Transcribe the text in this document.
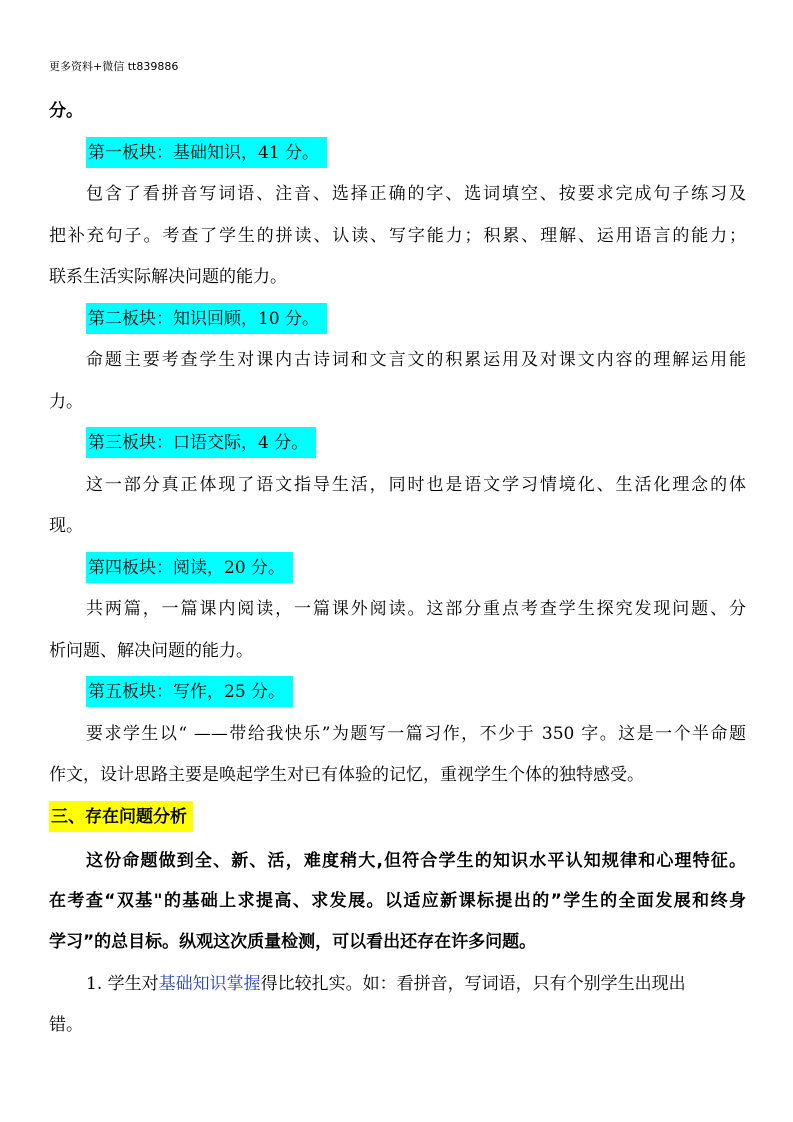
更多资料+微信 tt839886
分。
第一板块：基础知识，41 分。
包含了看拼音写词语、注音、选择正确的字、选词填空、按要求完成句子练习及
把补充句子。考查了学生的拼读、认读、写字能力；积累、理解、运用语言的能力；
联系生活实际解决问题的能力。
第二板块：知识回顾，10 分。
命题主要考查学生对课内古诗词和文言文的积累运用及对课文内容的理解运用能
力。
第三板块：口语交际，4 分。
这一部分真正体现了语文指导生活，同时也是语文学习情境化、生活化理念的体
现。
第四板块：阅读，20 分。
共两篇，一篇课内阅读，一篇课外阅读。这部分重点考查学生探究发现问题、分
析问题、解决问题的能力。
第五板块：写作，25 分。
要求学生以“ ——带给我快乐”为题写一篇习作，不少于 350 字。这是一个半命题
作文，设计思路主要是唤起学生对已有体验的记忆，重视学生个体的独特感受。
三、存在问题分析
这份命题做到全、新、活，难度稍大,但符合学生的知识水平认知规律和心理特征。
在考查“双基"的基础上求提高、求发展。以适应新课标提出的”学生的全面发展和终身
学习”的总目标。纵观这次质量检测，可以看出还存在许多问题。
1. 学生对基础知识掌握得比较扎实。如：看拼音，写词语，只有个别学生出现出
错。
